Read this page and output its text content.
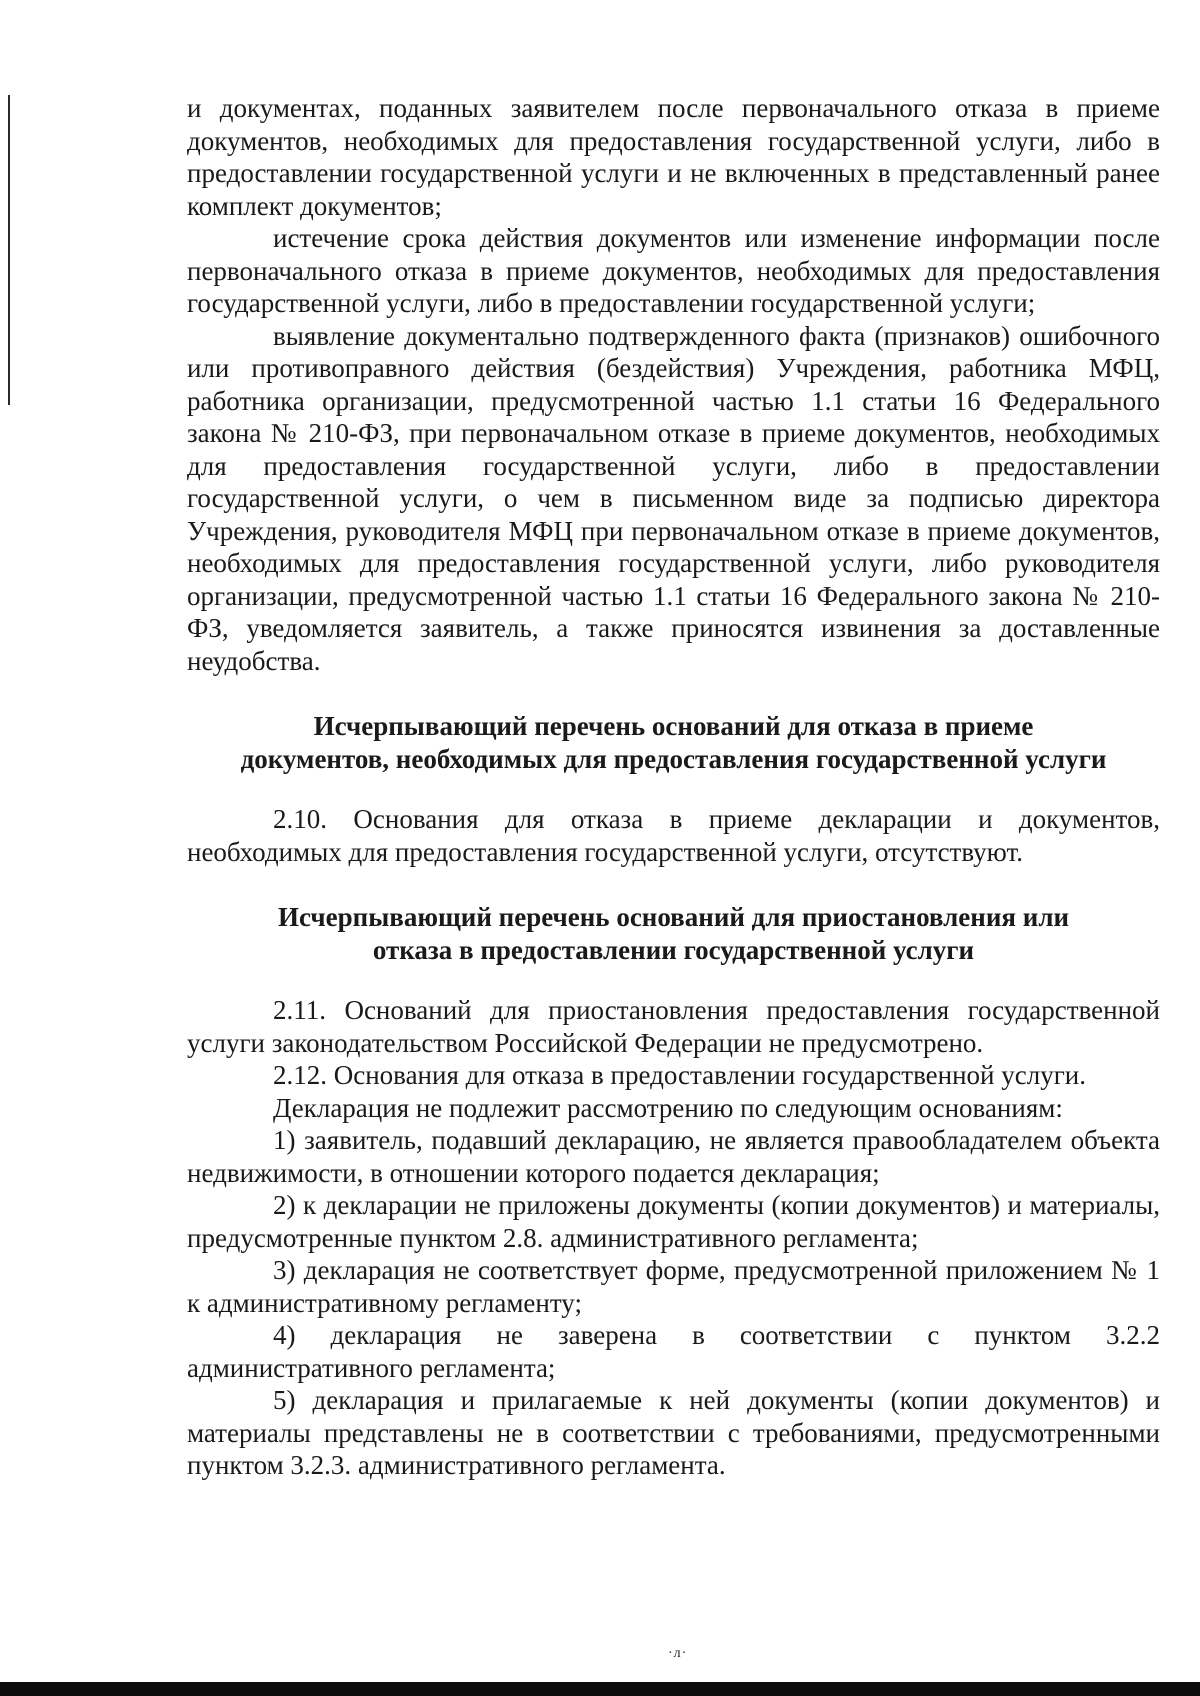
и документах, поданных заявителем после первоначального отказа в приеме документов, необходимых для предоставления государственной услуги, либо в предоставлении государственной услуги и не включенных в представленный ранее комплект документов;

истечение срока действия документов или изменение информации после первоначального отказа в приеме документов, необходимых для предоставления государственной услуги, либо в предоставлении государственной услуги;

выявление документально подтвержденного факта (признаков) ошибочного или противоправного действия (бездействия) Учреждения, работника МФЦ, работника организации, предусмотренной частью 1.1 статьи 16 Федерального закона № 210-ФЗ, при первоначальном отказе в приеме документов, необходимых для предоставления государственной услуги, либо в предоставлении государственной услуги, о чем в письменном виде за подписью директора Учреждения, руководителя МФЦ при первоначальном отказе в приеме документов, необходимых для предоставления государственной услуги, либо руководителя организации, предусмотренной частью 1.1 статьи 16 Федерального закона № 210-ФЗ, уведомляется заявитель, а также приносятся извинения за доставленные неудобства.

Исчерпывающий перечень оснований для отказа в приеме
документов, необходимых для предоставления государственной услуги

2.10. Основания для отказа в приеме декларации и документов, необходимых для предоставления государственной услуги, отсутствуют.

Исчерпывающий перечень оснований для приостановления или
отказа в предоставлении государственной услуги

2.11. Оснований для приостановления предоставления государственной услуги законодательством Российской Федерации не предусмотрено.

2.12. Основания для отказа в предоставлении государственной услуги.

Декларация не подлежит рассмотрению по следующим основаниям:

1) заявитель, подавший декларацию, не является правообладателем объекта недвижимости, в отношении которого подается декларация;

2) к декларации не приложены документы (копии документов) и материалы, предусмотренные пунктом 2.8. административного регламента;

3) декларация не соответствует форме, предусмотренной приложением № 1 к административному регламенту;

4) декларация не заверена в соответствии с пунктом 3.2.2 административного регламента;

5) декларация и прилагаемые к ней документы (копии документов) и материалы представлены не в соответствии с требованиями, предусмотренными пунктом 3.2.3. административного регламента.

·л·
